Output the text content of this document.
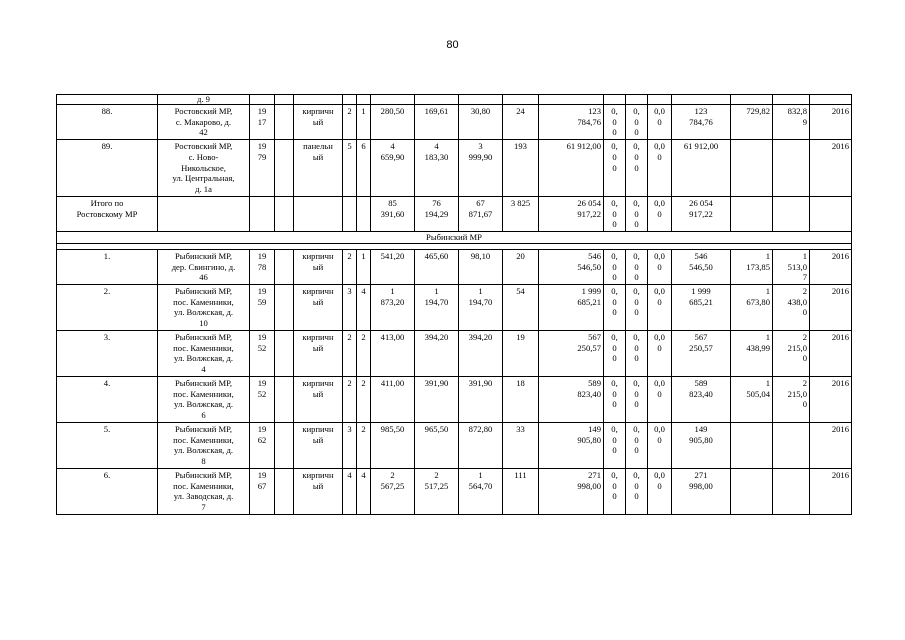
80
	д. 9																	
88.	Ростовский МР,
с. Макарово, д.
42	19
17		кирпичн
ый	2	1	280,50	169,61	30,80	24	123
784,76	0,
0
0	0,
0
0	0,0
0	123
784,76	729,82	832,8
9	2016
89.	Ростовский МР,
с. Ново-
Никольское,
ул. Центральная,
д. 1а	19
79		панельн
ый	5	6	4
659,90	4
183,30	3
999,90	193	61 912,00	0,
0
0	0,
0
0	0,0
0	61 912,00			2016
Итого по
Ростовскому МР							85
391,60	76
194,29	67
871,67	3 825	26 054
917,22	0,
0
0	0,
0
0	0,0
0	26 054
917,22			
Рыбинский МР																		

1.	Рыбинский МР,
дер. Свингино, д.
46	19
78		кирпичн
ый	2	1	541,20	465,60	98,10	20	546
546,50	0,
0
0	0,
0
0	0,0
0	546
546,50	1
173,85	1
513,0
7	2016
2.	Рыбинский МР,
пос. Каменники,
ул. Волжская, д.
10	19
59		кирпичн
ый	3	4	1
873,20	1
194,70	1
194,70	54	1 999
685,21	0,
0
0	0,
0
0	0,0
0	1 999
685,21	1
673,80	2
438,0
0	2016
3.	Рыбинский МР,
пос. Каменники,
ул. Волжская, д.
4	19
52		кирпичн
ый	2	2	413,00	394,20	394,20	19	567
250,57	0,
0
0	0,
0
0	0,0
0	567
250,57	1
438,99	2
215,0
0	2016
4.	Рыбинский МР,
пос. Каменники,
ул. Волжская, д.
6	19
52		кирпичн
ый	2	2	411,00	391,90	391,90	18	589
823,40	0,
0
0	0,
0
0	0,0
0	589
823,40	1
505,04	2
215,0
0	2016
5.	Рыбинский МР,
пос. Каменники,
ул. Волжская, д.
8	19
62		кирпичн
ый	3	2	985,50	965,50	872,80	33	149
905,80	0,
0
0	0,
0
0	0,0
0	149
905,80			2016
6.	Рыбинский МР,
пос. Каменники,
ул. Заводская, д.
7	19
67		кирпичн
ый	4	4	2
567,25	2
517,25	1
564,70	111	271
998,00	0,
0
0	0,
0
0	0,0
0	271
998,00			2016
